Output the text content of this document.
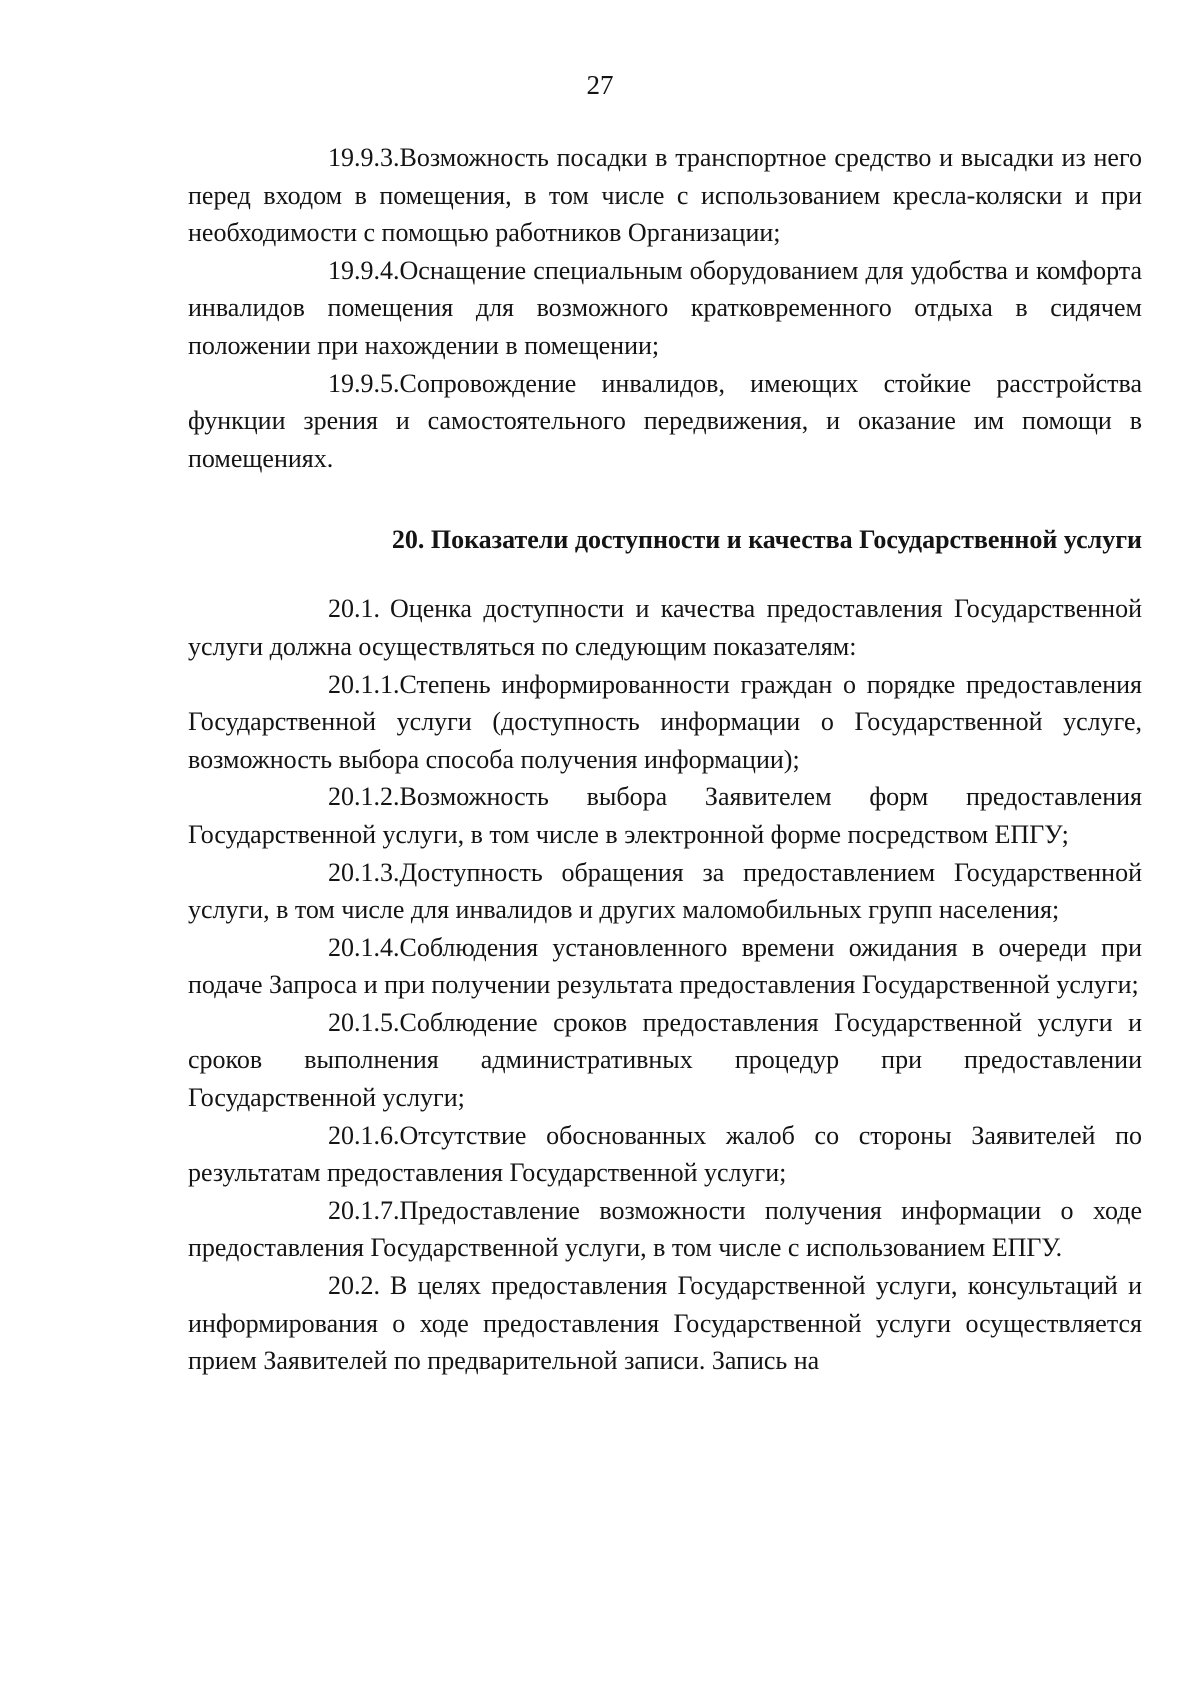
27

19.9.3.Возможность посадки в транспортное средство и высадки из него перед входом в помещения, в том числе с использованием кресла-коляски и при необходимости с помощью работников Организации;

19.9.4.Оснащение специальным оборудованием для удобства и комфорта инвалидов помещения для возможного кратковременного отдыха в сидячем положении при нахождении в помещении;

19.9.5.Сопровождение инвалидов, имеющих стойкие расстройства функции зрения и самостоятельного передвижения, и оказание им помощи в помещениях.

20. Показатели доступности и качества Государственной услуги

20.1. Оценка доступности и качества предоставления Государственной услуги должна осуществляться по следующим показателям:

20.1.1.Степень информированности граждан о порядке предоставления Государственной услуги (доступность информации о Государственной услуге, возможность выбора способа получения информации);

20.1.2.Возможность выбора Заявителем форм предоставления Государственной услуги, в том числе в электронной форме посредством ЕПГУ;

20.1.3.Доступность обращения за предоставлением Государственной услуги, в том числе для инвалидов и других маломобильных групп населения;

20.1.4.Соблюдения установленного времени ожидания в очереди при подаче Запроса и при получении результата предоставления Государственной услуги;

20.1.5.Соблюдение сроков предоставления Государственной услуги и сроков выполнения административных процедур при предоставлении Государственной услуги;

20.1.6.Отсутствие обоснованных жалоб со стороны Заявителей по результатам предоставления Государственной услуги;

20.1.7.Предоставление возможности получения информации о ходе предоставления Государственной услуги, в том числе с использованием ЕПГУ.

20.2. В целях предоставления Государственной услуги, консультаций и информирования о ходе предоставления Государственной услуги осуществляется прием Заявителей по предварительной записи. Запись на
